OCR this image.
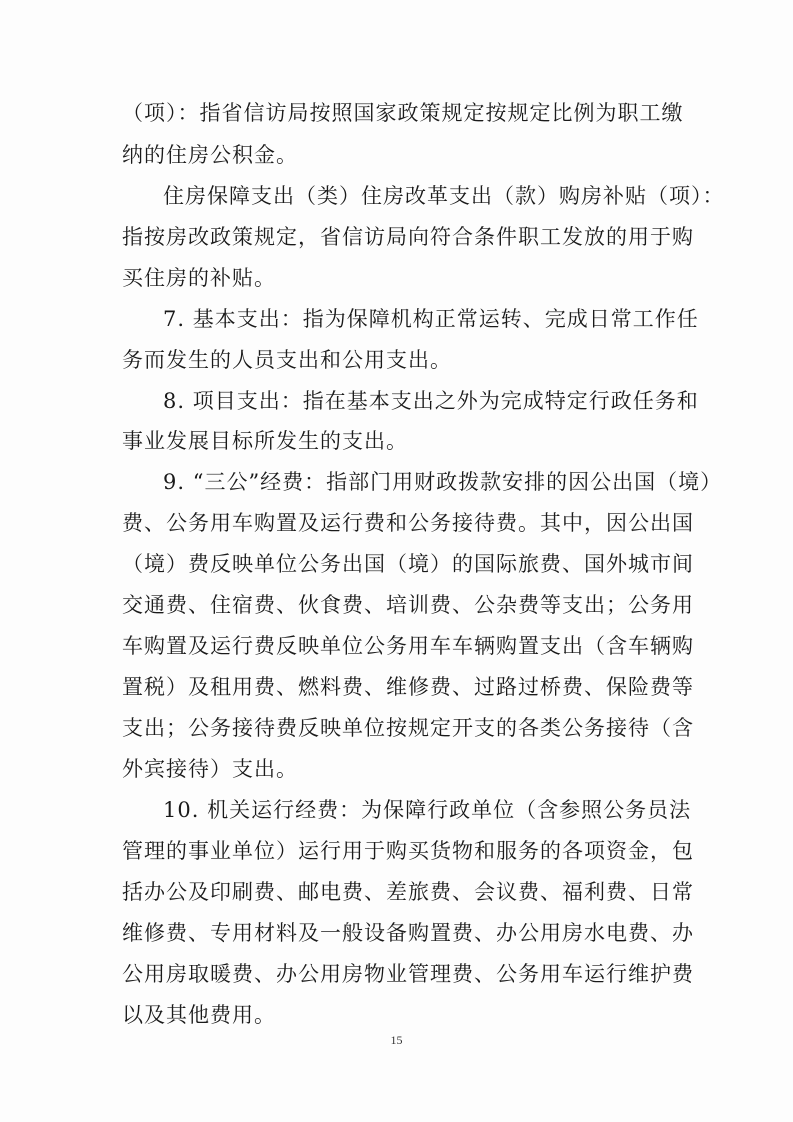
（项）：指省信访局按照国家政策规定按规定比例为职工缴
纳的住房公积金。
住房保障支出（类）住房改革支出（款）购房补贴（项）：
指按房改政策规定，省信访局向符合条件职工发放的用于购
买住房的补贴。
7. 基本支出：指为保障机构正常运转、完成日常工作任
务而发生的人员支出和公用支出。
8. 项目支出：指在基本支出之外为完成特定行政任务和
事业发展目标所发生的支出。
9. “三公”经费：指部门用财政拨款安排的因公出国（境）
费、公务用车购置及运行费和公务接待费。其中，因公出国
（境）费反映单位公务出国（境）的国际旅费、国外城市间
交通费、住宿费、伙食费、培训费、公杂费等支出；公务用
车购置及运行费反映单位公务用车车辆购置支出（含车辆购
置税）及租用费、燃料费、维修费、过路过桥费、保险费等
支出；公务接待费反映单位按规定开支的各类公务接待（含
外宾接待）支出。
10. 机关运行经费：为保障行政单位（含参照公务员法
管理的事业单位）运行用于购买货物和服务的各项资金，包
括办公及印刷费、邮电费、差旅费、会议费、福利费、日常
维修费、专用材料及一般设备购置费、办公用房水电费、办
公用房取暖费、办公用房物业管理费、公务用车运行维护费
以及其他费用。
15
